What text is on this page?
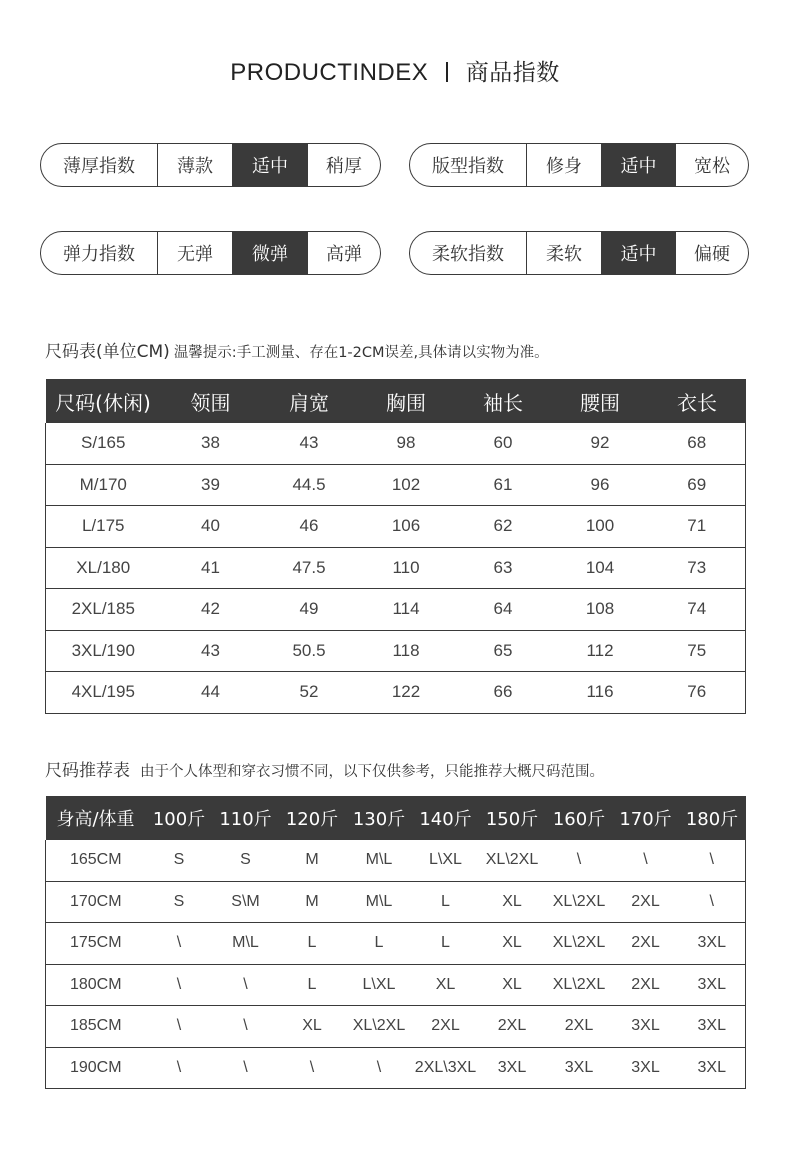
PRODUCTINDEX 商品指数
薄厚指数	薄款	适中	稍厚	版型指数	修身	适中	宽松
弹力指数	无弹	微弹	高弹	柔软指数	柔软	适中	偏硬
尺码表(单位CM) 温馨提示:手工测量、存在1-2CM误差,具体请以实物为准。
尺码(休闲)	领围	肩宽	胸围	袖长	腰围	衣长
S/165	38	43	98	60	92	68
M/170	39	44.5	102	61	96	69
L/175	40	46	106	62	100	71
XL/180	41	47.5	110	63	104	73
2XL/185	42	49	114	64	108	74
3XL/190	43	50.5	118	65	112	75
4XL/195	44	52	122	66	116	76
尺码推荐表 由于个人体型和穿衣习惯不同，以下仅供参考，只能推荐大概尺码范围。
身高/体重	100斤	110斤	120斤	130斤	140斤	150斤	160斤	170斤	180斤
165CM	S	S	M	M\L	L\XL	XL\2XL	\	\	\
170CM	S	S\M	M	M\L	L	XL	XL\2XL	2XL	\
175CM	\	M\L	L	L	L	XL	XL\2XL	2XL	3XL
180CM	\	\	L	L\XL	XL	XL	XL\2XL	2XL	3XL
185CM	\	\	XL	XL\2XL	2XL	2XL	2XL	3XL	3XL
190CM	\	\	\	\	2XL\3XL	3XL	3XL	3XL	3XL
